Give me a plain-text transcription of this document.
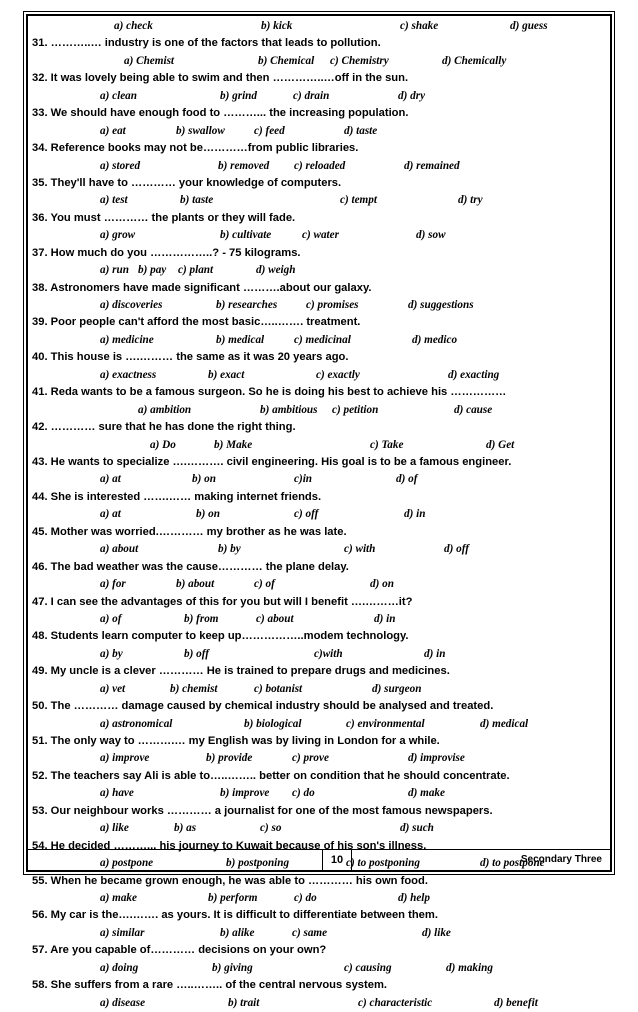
a) check	b) kick	c) shake	d) guess
31. ………..… industry is one of the factors that leads to pollution.
a) Chemist	b) Chemical c) Chemistry	d) Chemically
32. It was lovely being able to swim and then …………..…off in the sun.
a) clean	b) grind	c) drain	d) dry
33. We should have enough food to ………... the increasing population.
a) eat	b) swallow	c) feed	d) taste
34. Reference books may not be…………from public libraries.
a) stored	b) removed c) reloaded	d) remained
35. They'll have to ………… your knowledge of computers.
a) test	b) taste	c) tempt	d) try
36. You must ………… the plants or they will fade.
a) grow	b) cultivate	c) water	d) sow
37. How much do you ……………..? - 75 kilograms.
a) run b) pay c) plant	d) weigh
38. Astronomers have made significant ……….about our galaxy.
a) discoveries	b) researches	c) promises	d) suggestions
39. Poor people can't afford the most basic…..……. treatment.
a) medicine	b) medical	c) medicinal	d) medico
40. This house is ….……… the same as it was 20 years ago.
a) exactness	b) exact	c) exactly	d) exacting
41. Reda wants to be a famous surgeon. So he is doing his best to achieve his ……………
a) ambition	b) ambitious c) petition	d) cause
42. ………… sure that he has done the right thing.
a) Do	b) Make	c) Take	d) Get
43. He wants to specialize ….………. civil engineering. His goal is to be a famous engineer.
a) at	b) on	c)in	d) of
44. She is interested …….…… making internet friends.
a) at	b) on	c) off	d) in
45. Mother was worried.………… my brother as he was late.
a) about	b) by	c) with	d) off
46. The bad weather was the cause………… the plane delay.
a) for	b) about	c) of	d) on
47. I can see the advantages of this for you but will I benefit ….………it?
a) of	b) from	c) about	d) in
48. Students learn computer to keep up……………..modem technology.
a) by	b) off	c)with	d) in
49. My uncle is a clever ………… He is trained to prepare drugs and medicines.
a) vet	b) chemist	c) botanist	d) surgeon
50. The ………… damage caused by chemical industry should be analysed and treated.
a) astronomical	b) biological	c) environmental	d) medical
51. The only way to ……….… my English was by living in London for a while.
a) improve	b) provide	c) prove	d) improvise
52. The teachers say Ali is able to…..…….. better on condition that he should concentrate.
a) have	b) improve c) do	d) make
53. Our neighbour works ………… a journalist for one of the most famous newspapers.
a) like	b) as	c) so	d) such
54. He decided ………... his journey to Kuwait because of his son's illness.
a) postpone	b) postponing	c) to postponing	d) to postpone
55. When he became grown enough, he was able to ………… his own food.
a) make	b) perform	c) do	d) help
56. My car is the….……. as yours. It is difficult to differentiate between them.
a) similar	b) alike	c) same	d) like
57. Are you capable of………… decisions on your own?
a) doing	b) giving	c) causing	d) making
58. She suffers from a rare …..…….. of the central nervous system.
a) disease	b) trait	c) characteristic	d) benefit
10	Secondary Three
